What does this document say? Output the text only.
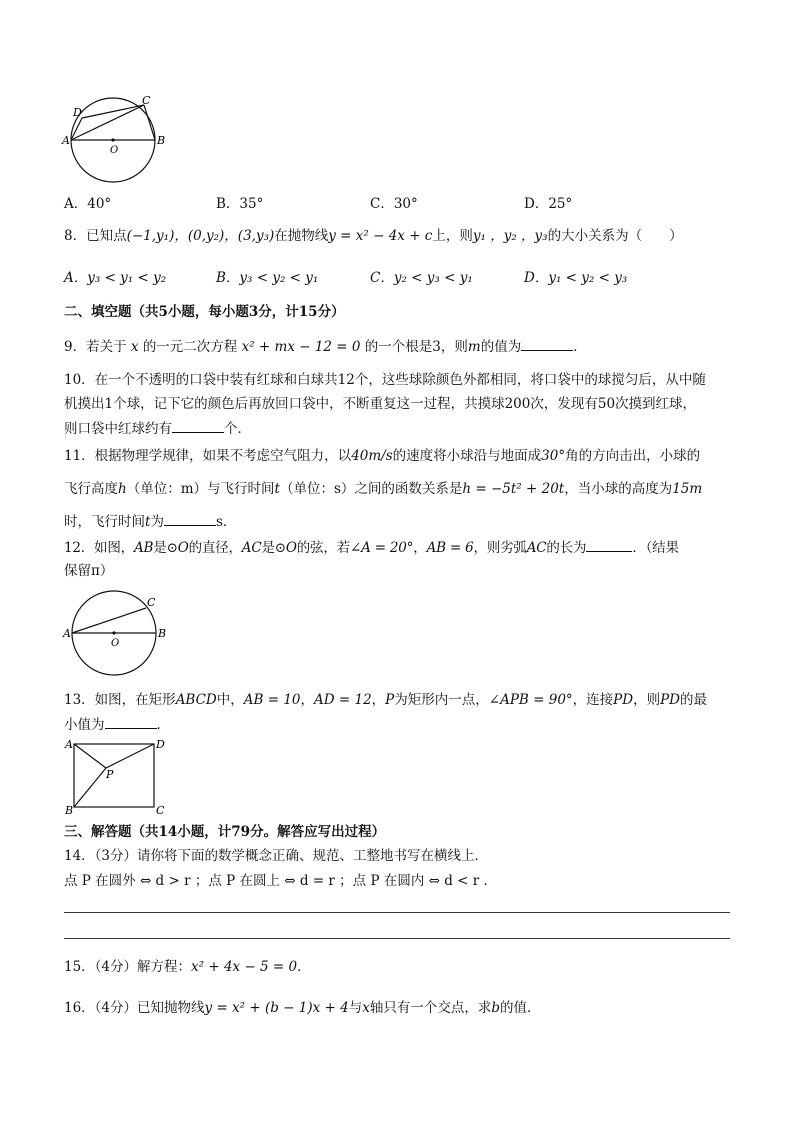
A	B
C
D
O
A．40°	B．35°	C．30°	D．25°
8．已知点(−1,y₁)，(0,y₂)，(3,y₃)在抛物线y = x² − 4x + c上，则y₁ ，y₂ ，y₃的大小关系为（　　）
A．y₃ < y₁ < y₂	B．y₃ < y₂ < y₁	C．y₂ < y₃ < y₁	D．y₁ < y₂ < y₃
二、填空题（共5小题，每小题3分，计15分）
9．若关于 x 的一元二次方程 x² + mx − 12 = 0 的一个根是3，则m的值为	．
10．在一个不透明的口袋中装有红球和白球共12个，这些球除颜色外都相同，将口袋中的球搅匀后，从中随
机摸出1个球，记下它的颜色后再放回口袋中，不断重复这一过程，共摸球200次，发现有50次摸到红球，
则口袋中红球约有	个．
11．根据物理学规律，如果不考虑空气阻力，以40m/s的速度将小球沿与地面成30°角的方向击出，小球的
飞行高度h（单位：m）与飞行时间t（单位：s）之间的函数关系是h = −5t² + 20t，当小球的高度为15m
时，飞行时间t为	s．
12．如图，AB是⊙O的直径，AC是⊙O的弦，若∠A = 20°，AB = 6，则劣弧AC的长为	．（结果
保留π）
A	B
C
O
13．如图，在矩形ABCD中，AB = 10，AD = 12，P为矩形内一点，∠APB = 90°，连接PD，则PD的最
小值为	．
A	D
B	C
P
三、解答题（共14小题，计79分。解答应写出过程）
14．（3分）请你将下面的数学概念正确、规范、工整地书写在横线上．
点 P 在圆外 ⇔ d > r ；点 P 在圆上 ⇔ d = r ；点 P 在圆内 ⇔ d < r ．
15．（4分）解方程：x² + 4x − 5 = 0．
16．（4分）已知抛物线y = x² + (b − 1)x + 4与x轴只有一个交点，求b的值．
